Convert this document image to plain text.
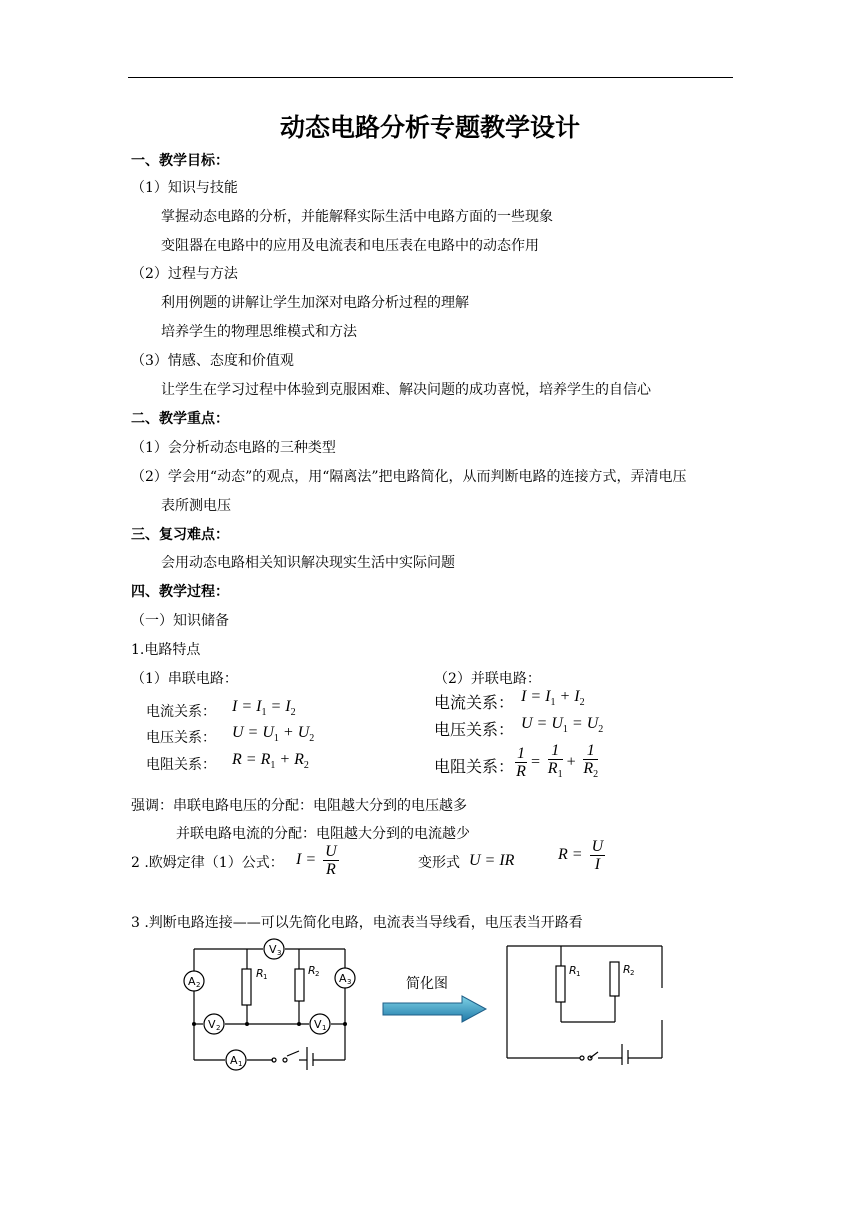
动态电路分析专题教学设计
一、教学目标：
（1）知识与技能
掌握动态电路的分析，并能解释实际生活中电路方面的一些现象
变阻器在电路中的应用及电流表和电压表在电路中的动态作用
（2）过程与方法
利用例题的讲解让学生加深对电路分析过程的理解
培养学生的物理思维模式和方法
（3）情感、态度和价值观
让学生在学习过程中体验到克服困难、解决问题的成功喜悦，培养学生的自信心
二、教学重点：
（1）会分析动态电路的三种类型
（2）学会用“动态”的观点，用“隔离法”把电路简化，从而判断电路的连接方式，弄清电压
表所测电压
三、复习难点：
会用动态电路相关知识解决现实生活中实际问题
四、教学过程：
（一）知识储备
1.电路特点
（1）串联电路：
电流关系： $I = I_1 = I_2$
电压关系： $U = U_1 + U_2$
电阻关系： $R = R_1 + R_2$
（2）并联电路：
电流关系： $I = I_1 + I_2$
电压关系： $U = U_1 = U_2$
电阻关系： $\frac{1}{R} = \frac{1}{R_1} + \frac{1}{R_2}$
强调：串联电路电压的分配：电阻越大分到的电压越多
并联电路电流的分配：电阻越大分到的电流越少
2 .欧姆定律（1）公式： $I = \frac{U}{R}$	变形式 U = IR	$R = \frac{U}{I}$
3 .判断电路连接——可以先简化电路，电流表当导线看，电压表当开路看
V 3
A 2	A 3
V 2	V 1
A 1
R 1	R 2
简化图
R 1	R 2
